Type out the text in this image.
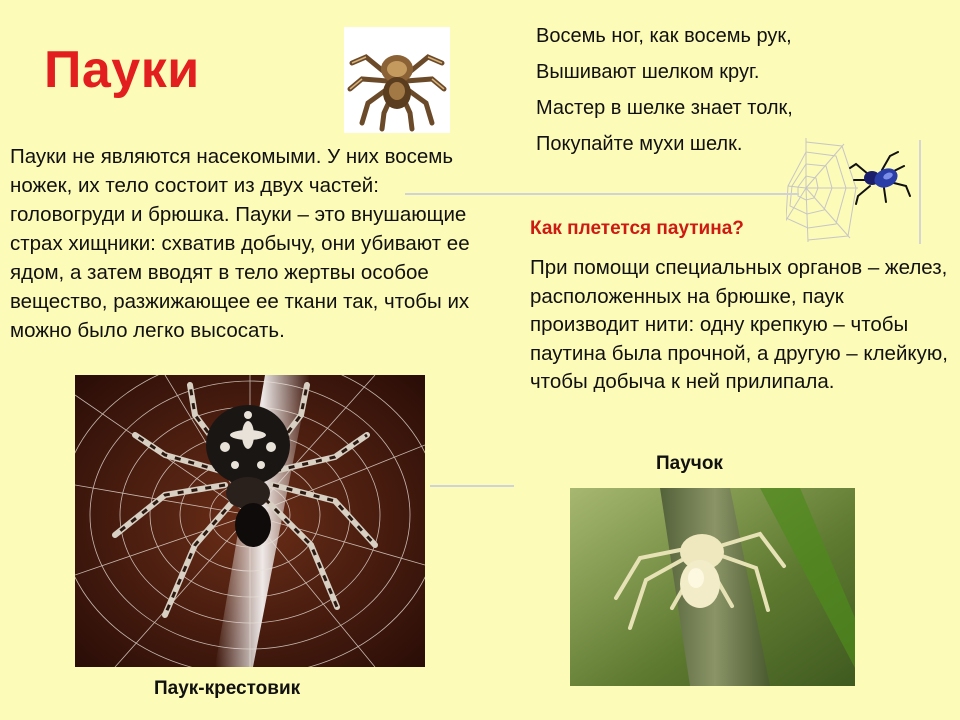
Пауки
Восемь ног, как восемь рук,
Вышивают шелком круг.
Мастер в шелке знает толк,
Покупайте мухи шелк.
Пауки не являются насекомыми. У них восемь ножек, их тело состоит из двух частей: головогруди и брюшка. Пауки – это внушающие страх хищники: схватив добычу, они убивают ее ядом, а затем вводят в тело жертвы особое вещество, разжижающее ее ткани так, чтобы их можно было легко высосать.
Как плетется паутина?
При помощи специальных органов – желез, расположенных на брюшке, паук производит нити: одну крепкую – чтобы паутина была прочной, а другую – клейкую, чтобы добыча к ней прилипала.
Паук-крестовик
Паучок
